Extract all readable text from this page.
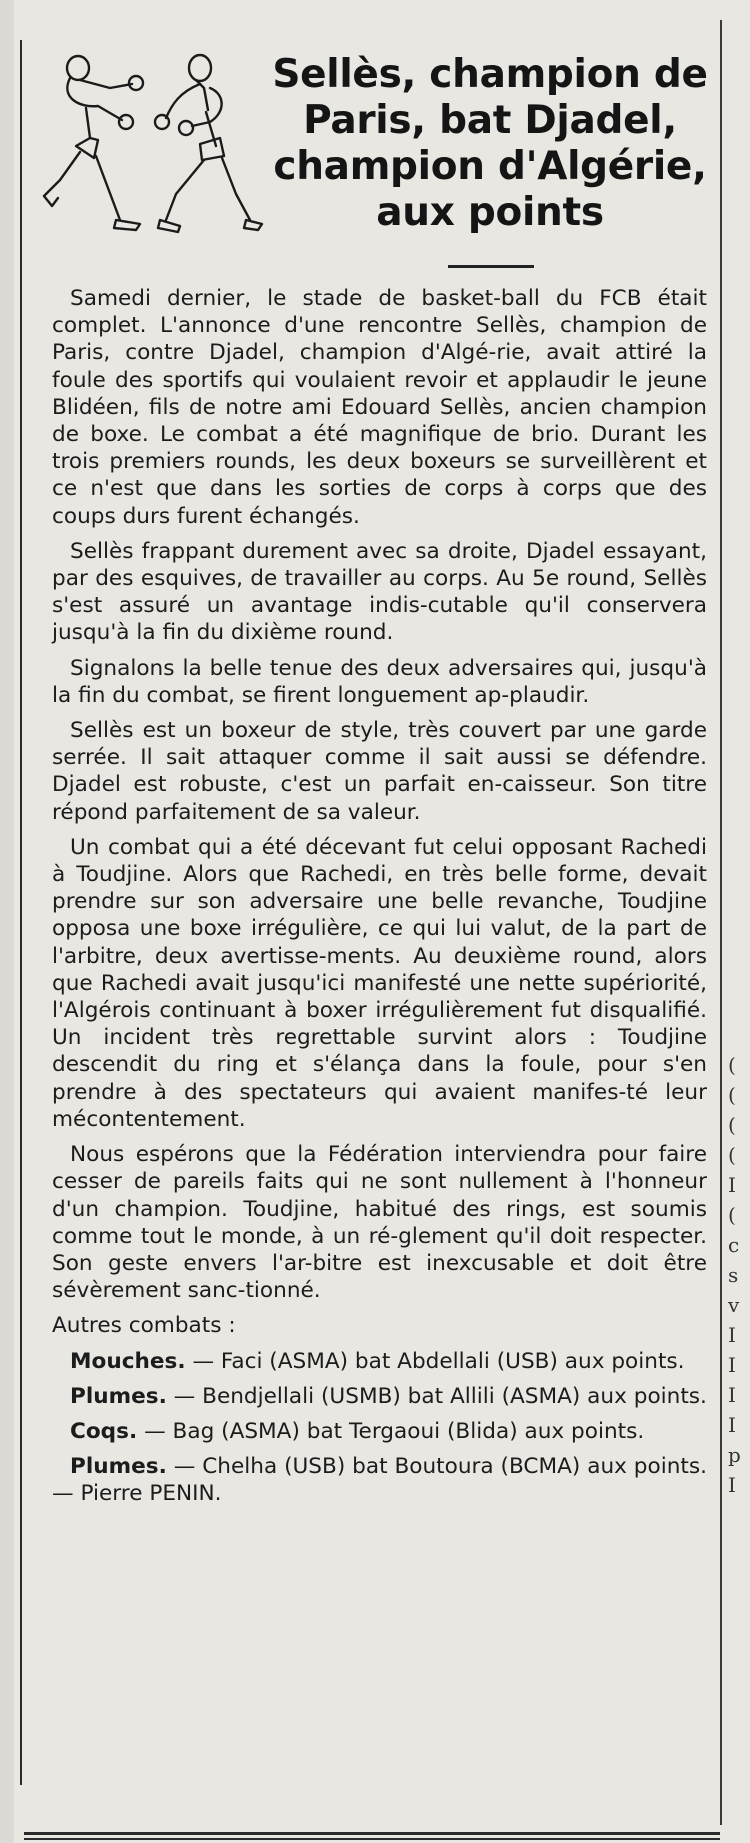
Sellès, champion de
Paris, bat Djadel,
champion d'Algérie,
aux points

Samedi dernier, le stade de basket-ball du FCB était complet. L'annonce d'une rencontre Sellès, champion de Paris, contre Djadel, champion d'Algé-rie, avait attiré la foule des sportifs qui voulaient revoir et applaudir le jeune Blidéen, fils de notre ami Edouard Sellès, ancien champion de boxe. Le combat a été magnifique de brio. Durant les trois premiers rounds, les deux boxeurs se surveillèrent et ce n'est que dans les sorties de corps à corps que des coups durs furent échangés.

Sellès frappant durement avec sa droite, Djadel essayant, par des esquives, de travailler au corps. Au 5e round, Sellès s'est assuré un avantage indis-cutable qu'il conservera jusqu'à la fin du dixième round.

Signalons la belle tenue des deux adversaires qui, jusqu'à la fin du combat, se firent longuement ap-plaudir.

Sellès est un boxeur de style, très couvert par une garde serrée. Il sait attaquer comme il sait aussi se défendre. Djadel est robuste, c'est un parfait en-caisseur. Son titre répond parfaitement de sa valeur.

Un combat qui a été décevant fut celui opposant Rachedi à Toudjine. Alors que Rachedi, en très belle forme, devait prendre sur son adversaire une belle revanche, Toudjine opposa une boxe irrégulière, ce qui lui valut, de la part de l'arbitre, deux avertisse-ments. Au deuxième round, alors que Rachedi avait jusqu'ici manifesté une nette supériorité, l'Algérois continuant à boxer irrégulièrement fut disqualifié. Un incident très regrettable survint alors : Toudjine descendit du ring et s'élança dans la foule, pour s'en prendre à des spectateurs qui avaient manifes-té leur mécontentement.

Nous espérons que la Fédération interviendra pour faire cesser de pareils faits qui ne sont nullement à l'honneur d'un champion. Toudjine, habitué des rings, est soumis comme tout le monde, à un ré-glement qu'il doit respecter. Son geste envers l'ar-bitre est inexcusable et doit être sévèrement sanc-tionné.

Autres combats :

Mouches. — Faci (ASMA) bat Abdellali (USB) aux points.

Plumes. — Bendjellali (USMB) bat Allili (ASMA) aux points.

Coqs. — Bag (ASMA) bat Tergaoui (Blida) aux points.

Plumes. — Chelha (USB) bat Boutoura (BCMA) aux points. — Pierre PENIN.

(
(
(
(
I
(
c
s
v
I
I
I
I
p
I
